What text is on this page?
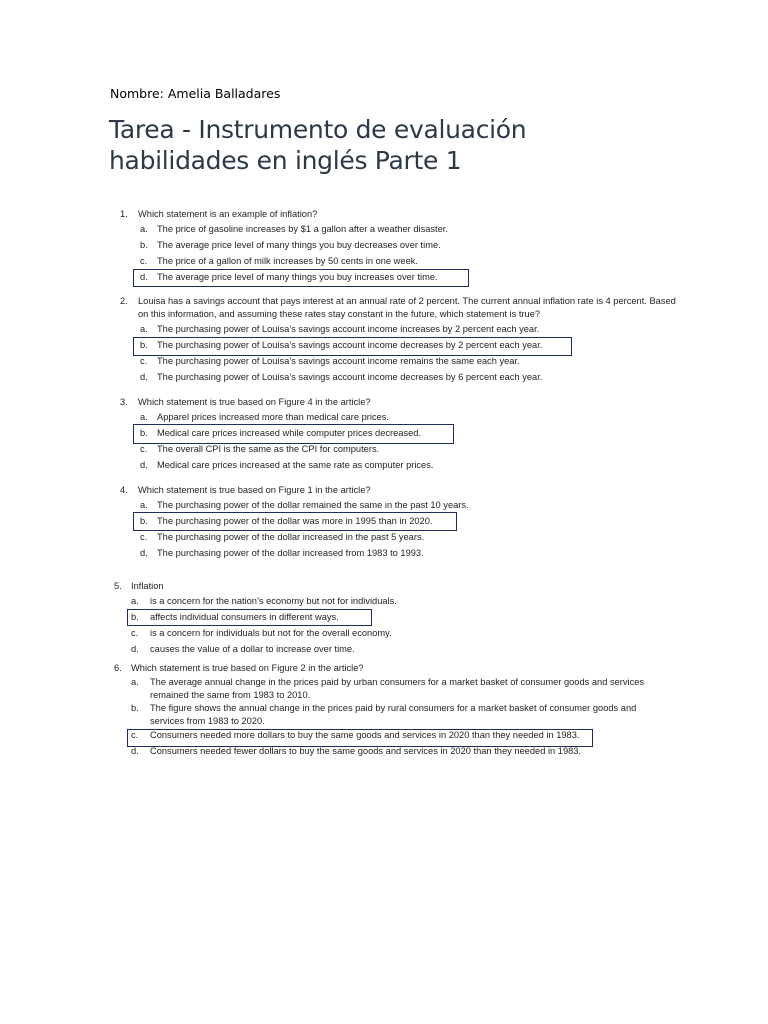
Nombre: Amelia Balladares
Tarea - Instrumento de evaluación habilidades en inglés Parte 1
1. Which statement is an example of inflation?
a. The price of gasoline increases by $1 a gallon after a weather disaster.
b. The average price level of many things you buy decreases over time.
c. The price of a gallon of milk increases by 50 cents in one week.
d. The average price level of many things you buy increases over time.
2. Louisa has a savings account that pays interest at an annual rate of 2 percent. The current annual inflation rate is 4 percent. Based on this information, and assuming these rates stay constant in the future, which statement is true?
a. The purchasing power of Louisa’s savings account income increases by 2 percent each year.
b. The purchasing power of Louisa’s savings account income decreases by 2 percent each year.
c. The purchasing power of Louisa’s savings account income remains the same each year.
d. The purchasing power of Louisa’s savings account income decreases by 6 percent each year.
3. Which statement is true based on Figure 4 in the article?
a. Apparel prices increased more than medical care prices.
b. Medical care prices increased while computer prices decreased.
c. The overall CPI is the same as the CPI for computers.
d. Medical care prices increased at the same rate as computer prices.
4. Which statement is true based on Figure 1 in the article?
a. The purchasing power of the dollar remained the same in the past 10 years.
b. The purchasing power of the dollar was more in 1995 than in 2020.
c. The purchasing power of the dollar increased in the past 5 years.
d. The purchasing power of the dollar increased from 1983 to 1993.
5. Inflation
a. is a concern for the nation’s economy but not for individuals.
b. affects individual consumers in different ways.
c. is a concern for individuals but not for the overall economy.
d. causes the value of a dollar to increase over time.
6. Which statement is true based on Figure 2 in the article?
a. The average annual change in the prices paid by urban consumers for a market basket of consumer goods and services remained the same from 1983 to 2010.
b. The figure shows the annual change in the prices paid by rural consumers for a market basket of consumer goods and services from 1983 to 2020.
c. Consumers needed more dollars to buy the same goods and services in 2020 than they needed in 1983.
d. Consumers needed fewer dollars to buy the same goods and services in 2020 than they needed in 1983.
